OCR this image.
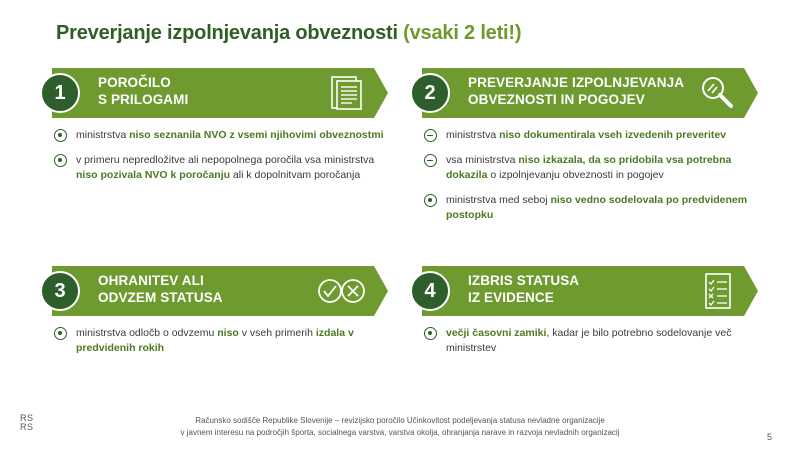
Preverjanje izpolnjevanja obveznosti (vsaki 2 leti!)
1	POROČILO
S PRILOGAMI
ministrstva niso seznanila NVO z vsemi njihovimi obveznostmi
v primeru nepredložitve ali nepopolnega poročila vsa ministrstva niso pozivala NVO k poročanju ali k dopolnitvam poročanja
2	PREVERJANJE IZPOLNJEVANJA
OBVEZNOSTI IN POGOJEV
ministrstva niso dokumentirala vseh izvedenih preveritev
vsa ministrstva niso izkazala, da so pridobila vsa potrebna dokazila o izpolnjevanju obveznosti in pogojev
ministrstva med seboj niso vedno sodelovala po predvidenem postopku
3	OHRANITEV ALI
ODVZEM STATUSA
ministrstva odločb o odvzemu niso v vseh primerih izdala v predvidenih rokih
4	IZBRIS STATUSA
IZ EVIDENCE
večji časovni zamiki, kadar je bilo potrebno sodelovanje več ministrstev
RS
RS
Računsko sodišče Republike Slovenije – revizijsko poročilo Učinkovitost podeljevanja statusa nevladne organizacije
v javnem interesu na področjih športa, socialnega varstva, varstva okolja, ohranjanja narave in razvoja nevladnih organizacij	5
